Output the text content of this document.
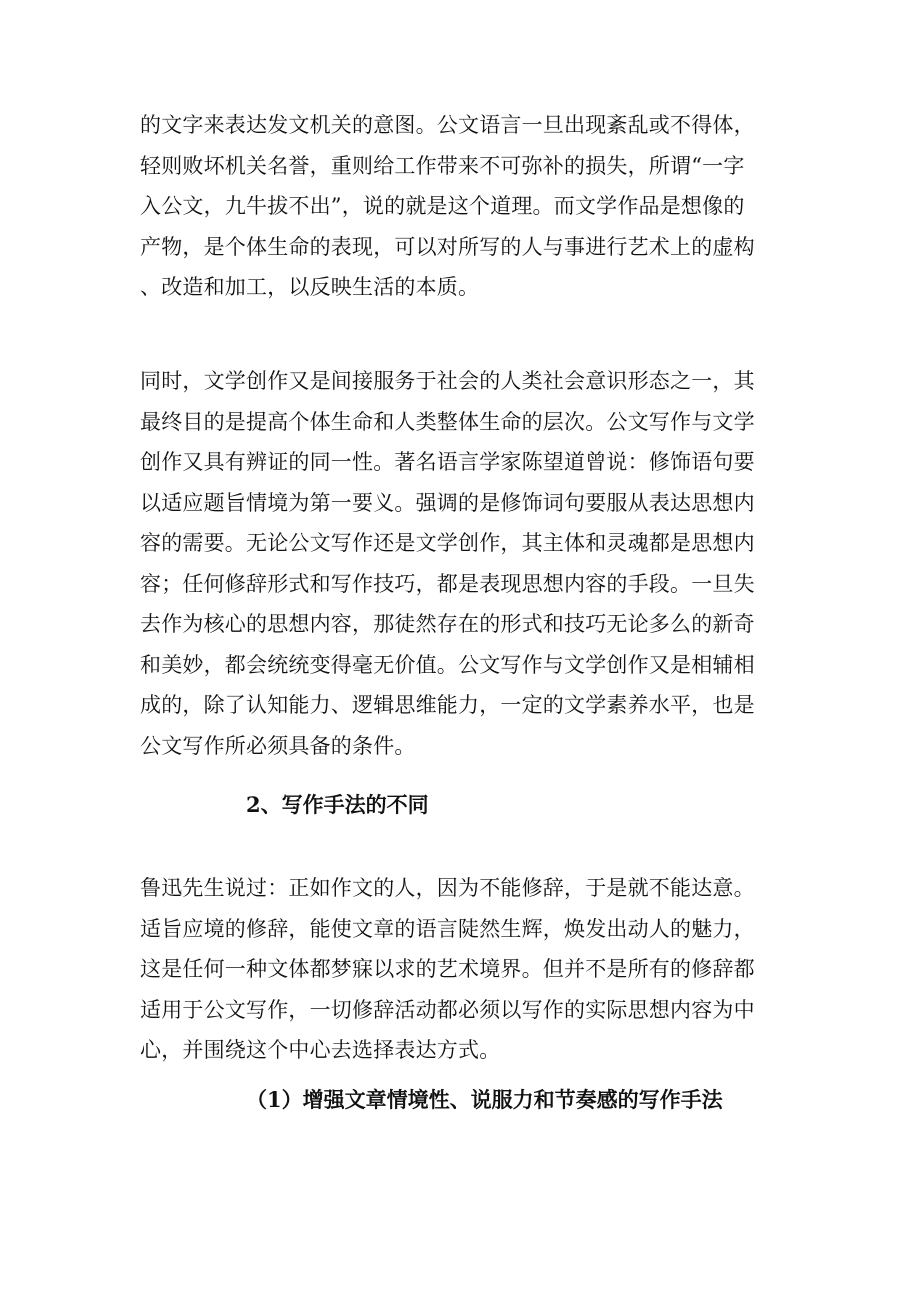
的文字来表达发文机关的意图。公文语言一旦出现紊乱或不得体，
轻则败坏机关名誉，重则给工作带来不可弥补的损失，所谓“一字
入公文，九牛拔不出”，说的就是这个道理。而文学作品是想像的
产物，是个体生命的表现，可以对所写的人与事进行艺术上的虚构
、改造和加工，以反映生活的本质。

同时，文学创作又是间接服务于社会的人类社会意识形态之一，其
最终目的是提高个体生命和人类整体生命的层次。公文写作与文学
创作又具有辨证的同一性。著名语言学家陈望道曾说：修饰语句要
以适应题旨情境为第一要义。强调的是修饰词句要服从表达思想内
容的需要。无论公文写作还是文学创作，其主体和灵魂都是思想内
容；任何修辞形式和写作技巧，都是表现思想内容的手段。一旦失
去作为核心的思想内容，那徒然存在的形式和技巧无论多么的新奇
和美妙，都会统统变得毫无价值。公文写作与文学创作又是相辅相
成的，除了认知能力、逻辑思维能力，一定的文学素养水平，也是
公文写作所必须具备的条件。

2、写作手法的不同

鲁迅先生说过：正如作文的人，因为不能修辞，于是就不能达意。
适旨应境的修辞，能使文章的语言陡然生辉，焕发出动人的魅力，
这是任何一种文体都梦寐以求的艺术境界。但并不是所有的修辞都
适用于公文写作，一切修辞活动都必须以写作的实际思想内容为中
心，并围绕这个中心去选择表达方式。

（1）增强文章情境性、说服力和节奏感的写作手法
